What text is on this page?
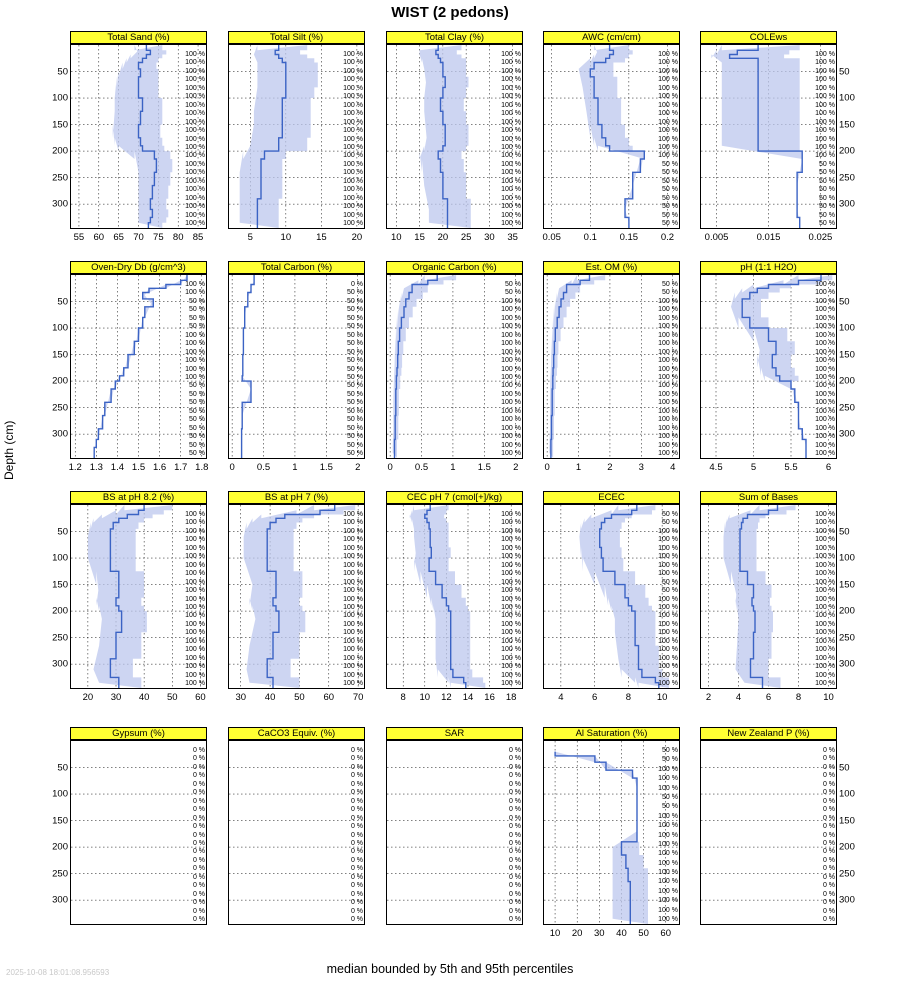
WIST (2 pedons)
Depth (cm)
median bounded by 5th and 95th percentiles
2025-10-08 18:01:08.956593
Total Sand (%)
100 %
100 %
100 %
100 %
100 %
100 %
100 %
100 %
100 %
100 %
100 %
100 %
100 %
100 %
100 %
100 %
100 %
100 %
100 %
100 %
100 %
55 60 65 70 75 80 85
50
100
150
200
250
300
Total Silt (%)
100 %
100 %
100 %
100 %
100 %
100 %
100 %
100 %
100 %
100 %
100 %
100 %
100 %
100 %
100 %
100 %
100 %
100 %
100 %
100 %
100 %
5	10	15	20
Total Clay (%)
100 %
100 %
100 %
100 %
100 %
100 %
100 %
100 %
100 %
100 %
100 %
100 %
100 %
100 %
100 %
100 %
100 %
100 %
100 %
100 %
100 %
10 15 20 25 30 35
AWC (cm/cm)
100 %
100 %
100 %
100 %
100 %
100 %
100 %
100 %
100 %
100 %
100 %
100 %
100 %
50 %
50 %
50 %
50 %
50 %
50 %
50 %
50 %
0.05 0.1 0.15 0.2
COLEws
100 %
100 %
100 %
100 %
100 %
100 %
100 %
100 %
100 %
100 %
100 %
100 %
100 %
50 %
50 %
50 %
50 %
50 %
50 %
50 %
50 %
0.005	0.015	0.025
50
100
150
200
250
300
Oven-Dry Db (g/cm^3)
100 %
100 %
50 %
50 %
50 %
50 %
100 %
100 %
100 %
100 %
100 %
100 %
50 %
50 %
50 %
50 %
50 %
50 %
50 %
50 %
50 %
1.2 1.3 1.4 1.5 1.6 1.7 1.8
50
100
150
200
250
300
Total Carbon (%)
0 %
50 %
50 %
50 %
50 %
50 %
50 %
50 %
50 %
50 %
50 %
50 %
50 %
50 %
50 %
50 %
50 %
50 %
50 %
50 %
50 %
0 0.5 1 1.5 2
Organic Carbon (%)
50 %
50 %
100 %
100 %
100 %
100 %
100 %
100 %
100 %
100 %
100 %
100 %
100 %
100 %
100 %
100 %
100 %
100 %
100 %
100 %
100 %
0 0.5 1 1.5 2
Est. OM (%)
50 %
50 %
100 %
100 %
100 %
100 %
100 %
100 %
100 %
100 %
100 %
100 %
100 %
100 %
100 %
100 %
100 %
100 %
100 %
100 %
100 %
0	1	2	3	4
pH (1:1 H2O)
100 %
100 %
100 %
100 %
100 %
100 %
100 %
100 %
100 %
100 %
100 %
100 %
100 %
100 %
100 %
100 %
100 %
100 %
100 %
100 %
100 %
4.5	5	5.5	6
50
100
150
200
250
300
BS at pH 8.2 (%)
100 %
100 %
100 %
100 %
100 %
100 %
100 %
100 %
100 %
100 %
100 %
100 %
100 %
100 %
100 %
100 %
100 %
100 %
100 %
100 %
100 %
20 30 40 50 60
50
100
150
200
250
300
BS at pH 7 (%)
100 %
100 %
100 %
100 %
100 %
100 %
100 %
100 %
100 %
100 %
100 %
100 %
100 %
100 %
100 %
100 %
100 %
100 %
100 %
100 %
100 %
30 40 50 60 70
CEC pH 7 (cmol[+]/kg)
100 %
100 %
100 %
100 %
100 %
100 %
100 %
100 %
100 %
100 %
100 %
100 %
100 %
100 %
100 %
100 %
100 %
100 %
100 %
100 %
100 %
8 10 12 14 16 18
ECEC
50 %
50 %
100 %
100 %
100 %
100 %
100 %
100 %
50 %
50 %
100 %
100 %
100 %
100 %
100 %
100 %
100 %
100 %
100 %
100 %
100 %
4	6	8	10
Sum of Bases
100 %
100 %
100 %
100 %
100 %
100 %
100 %
100 %
100 %
100 %
100 %
100 %
100 %
100 %
100 %
100 %
100 %
100 %
100 %
100 %
100 %
2	4	6	8 10
50
100
150
200
250
300
Gypsum (%)
0 %
0 %
0 %
0 %
0 %
0 %
0 %
0 %
0 %
0 %
0 %
0 %
0 %
0 %
0 %
0 %
0 %
0 %
0 %
0 %
0 %
50
100
150
200
250
300
CaCO3 Equiv. (%)
0 %
0 %
0 %
0 %
0 %
0 %
0 %
0 %
0 %
0 %
0 %
0 %
0 %
0 %
0 %
0 %
0 %
0 %
0 %
0 %
0 %
SAR
0 %
0 %
0 %
0 %
0 %
0 %
0 %
0 %
0 %
0 %
0 %
0 %
0 %
0 %
0 %
0 %
0 %
0 %
0 %
0 %
0 %
Al Saturation (%)
50 %
50 %
100 %
100 %
100 %
50 %
50 %
100 %
100 %
100 %
100 %
100 %
100 %
100 %
100 %
100 %
100 %
100 %
100 %
10 20 30 40 50 60
New Zealand P (%)
0 %
0 %
0 %
0 %
0 %
0 %
0 %
0 %
0 %
0 %
0 %
0 %
0 %
0 %
0 %
0 %
0 %
0 %
0 %
0 %
0 %
50
100
150
200
250
300
